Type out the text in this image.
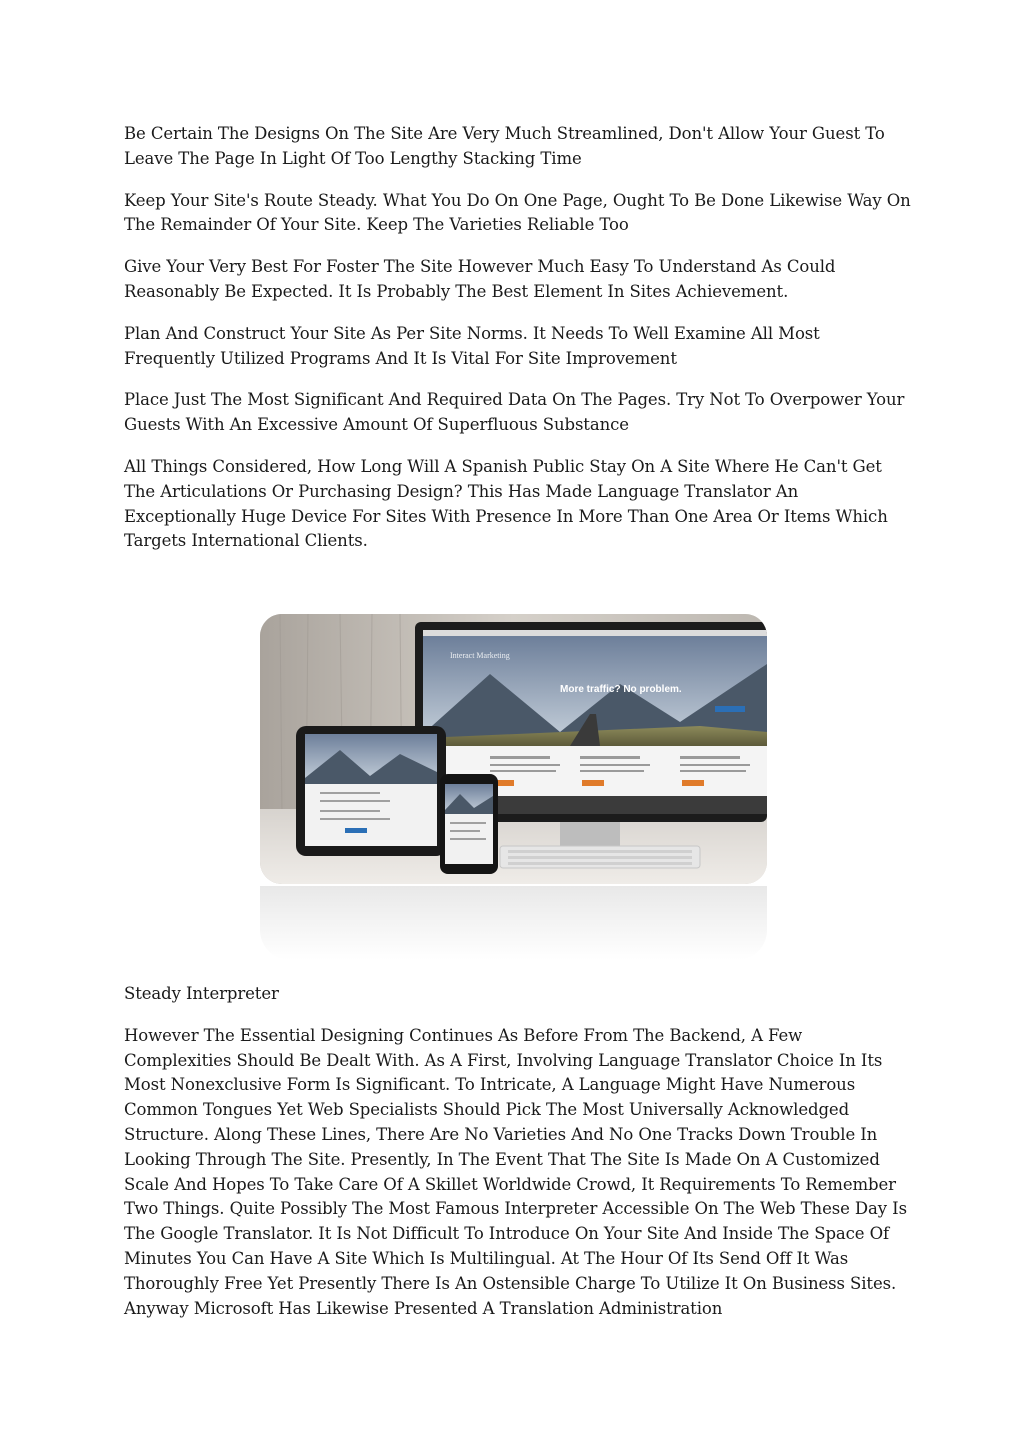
Be Certain The Designs On The Site Are Very Much Streamlined, Don't Allow Your Guest To Leave The Page In Light Of Too Lengthy Stacking Time

Keep Your Site's Route Steady. What You Do On One Page, Ought To Be Done Likewise Way On The Remainder Of Your Site. Keep The Varieties Reliable Too

Give Your Very Best For Foster The Site However Much Easy To Understand As Could Reasonably Be Expected. It Is Probably The Best Element In Sites Achievement.

Plan And Construct Your Site As Per Site Norms. It Needs To Well Examine All Most Frequently Utilized Programs And It Is Vital For Site Improvement

Place Just The Most Significant And Required Data On The Pages. Try Not To Overpower Your Guests With An Excessive Amount Of Superfluous Substance

All Things Considered, How Long Will A Spanish Public Stay On A Site Where He Can't Get The Articulations Or Purchasing Design? This Has Made Language Translator An Exceptionally Huge Device For Sites With Presence In More Than One Area Or Items Which Targets International Clients.

More traffic? No problem.
Interact Marketing

Steady Interpreter

However The Essential Designing Continues As Before From The Backend, A Few Complexities Should Be Dealt With. As A First, Involving Language Translator Choice In Its Most Nonexclusive Form Is Significant. To Intricate, A Language Might Have Numerous Common Tongues Yet Web Specialists Should Pick The Most Universally Acknowledged Structure. Along These Lines, There Are No Varieties And No One Tracks Down Trouble In Looking Through The Site. Presently, In The Event That The Site Is Made On A Customized Scale And Hopes To Take Care Of A Skillet Worldwide Crowd, It Requirements To Remember Two Things. Quite Possibly The Most Famous Interpreter Accessible On The Web These Day Is The Google Translator. It Is Not Difficult To Introduce On Your Site And Inside The Space Of Minutes You Can Have A Site Which Is Multilingual. At The Hour Of Its Send Off It Was Thoroughly Free Yet Presently There Is An Ostensible Charge To Utilize It On Business Sites. Anyway Microsoft Has Likewise Presented A Translation Administration
